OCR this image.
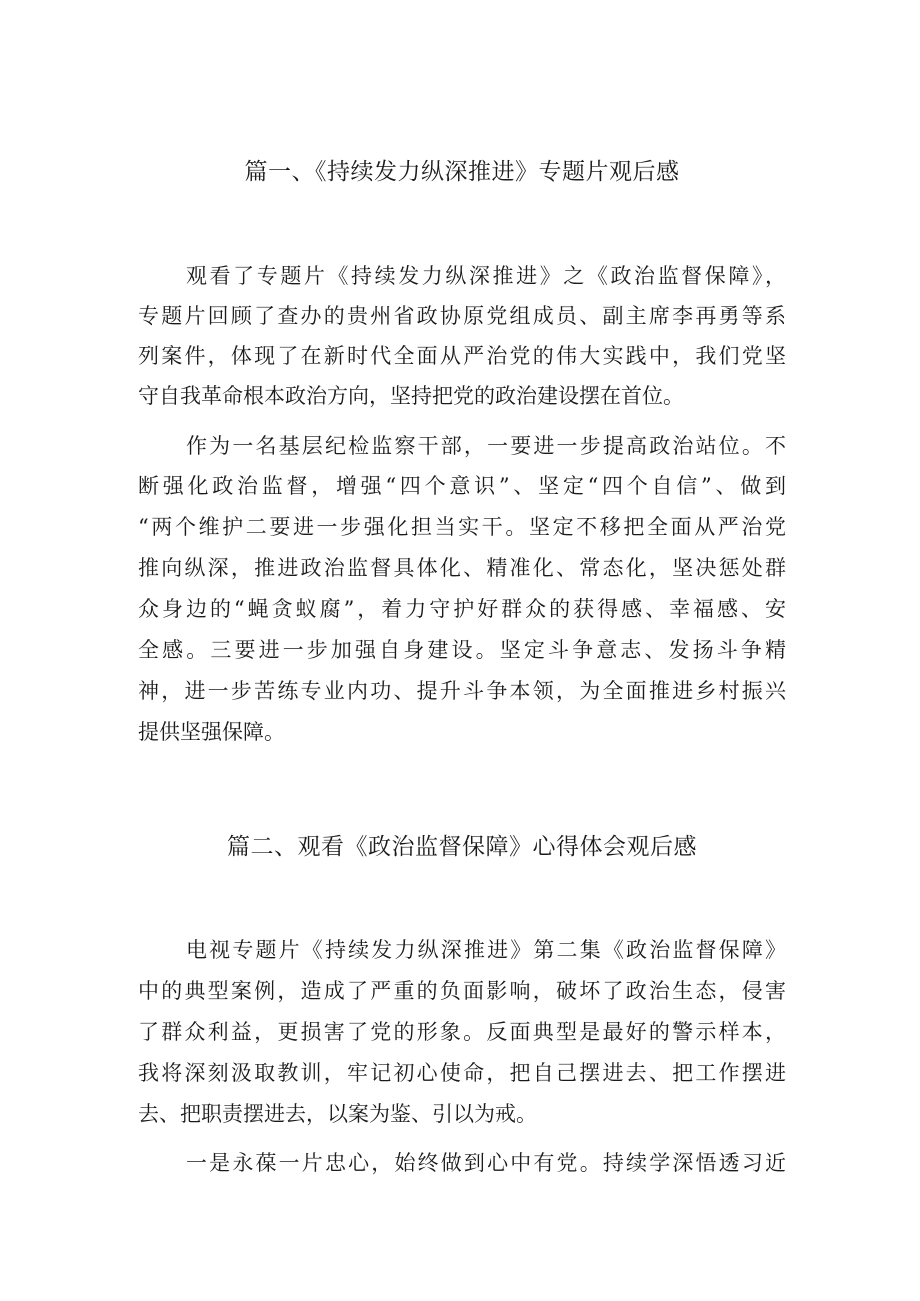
篇一、《持续发力纵深推进》专题片观后感
观看了专题片《持续发力纵深推进》之《政治监督保障》，
专题片回顾了查办的贵州省政协原党组成员、副主席李再勇等系
列案件，体现了在新时代全面从严治党的伟大实践中，我们党坚
守自我革命根本政治方向，坚持把党的政治建设摆在首位。
作为一名基层纪检监察干部，一要进一步提高政治站位。不
断强化政治监督，增强“四个意识”、坚定“四个自信”、做到
“两个维护二要进一步强化担当实干。坚定不移把全面从严治党
推向纵深，推进政治监督具体化、精准化、常态化，坚决惩处群
众身边的“蝇贪蚁腐”，着力守护好群众的获得感、幸福感、安
全感。三要进一步加强自身建设。坚定斗争意志、发扬斗争精
神，进一步苦练专业内功、提升斗争本领，为全面推进乡村振兴
提供坚强保障。
篇二、观看《政治监督保障》心得体会观后感
电视专题片《持续发力纵深推进》第二集《政治监督保障》
中的典型案例，造成了严重的负面影响，破坏了政治生态，侵害
了群众利益，更损害了党的形象。反面典型是最好的警示样本，
我将深刻汲取教训，牢记初心使命，把自己摆进去、把工作摆进
去、把职责摆进去，以案为鉴、引以为戒。
一是永葆一片忠心，始终做到心中有党。持续学深悟透习近
